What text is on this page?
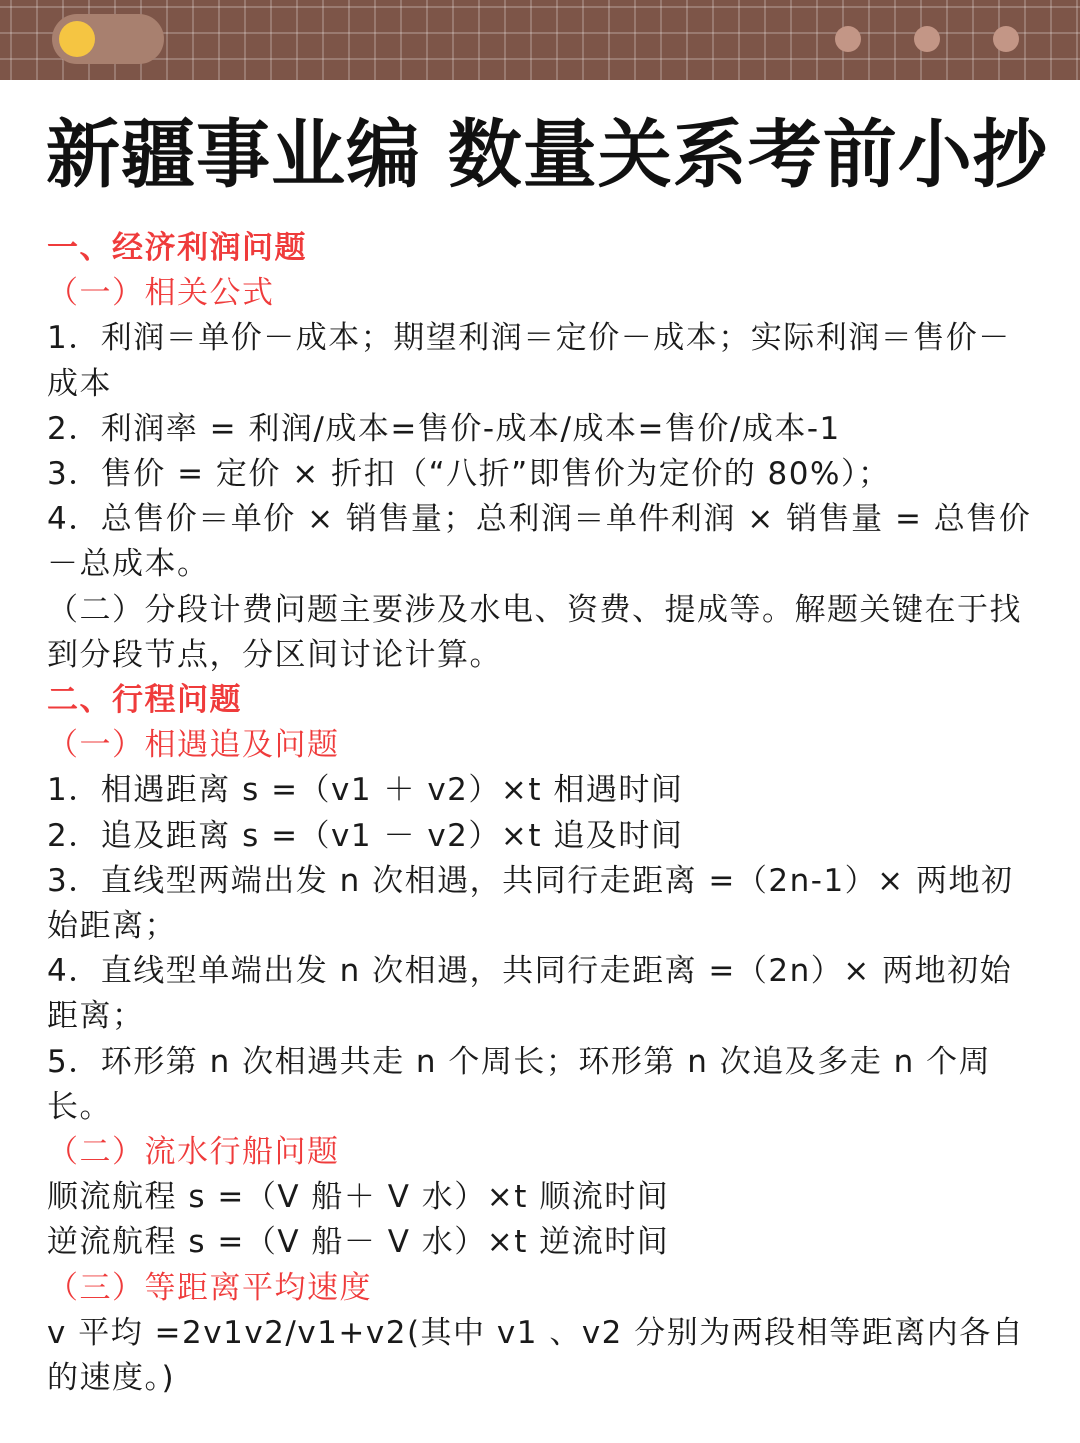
新疆事业编 数量关系考前小抄
一、经济利润问题
（一）相关公式
1．利润＝单价－成本；期望利润＝定价－成本；实际利润＝售价－成本
2．利润率 = 利润/成本=售价-成本/成本=售价/成本-1
3．售价 = 定价 × 折扣（“八折”即售价为定价的 80%）；
4．总售价＝单价 × 销售量；总利润＝单件利润 × 销售量 = 总售价－总成本。
（二）分段计费问题主要涉及水电、资费、提成等。解题关键在于找到分段节点，分区间讨论计算。
二、行程问题
（一）相遇追及问题
1．相遇距离 s =（v1 ＋ v2）×t 相遇时间
2．追及距离 s =（v1 － v2）×t 追及时间
3．直线型两端出发 n 次相遇，共同行走距离 =（2n-1）× 两地初始距离；
4．直线型单端出发 n 次相遇，共同行走距离 =（2n）× 两地初始距离；
5．环形第 n 次相遇共走 n 个周长；环形第 n 次追及多走 n 个周长。
（二）流水行船问题
顺流航程 s =（V 船＋ V 水）×t 顺流时间
逆流航程 s =（V 船－ V 水）×t 逆流时间
（三）等距离平均速度
v 平均 =2v1v2/v1+v2(其中 v1 、v2 分别为两段相等距离内各自的速度。)
